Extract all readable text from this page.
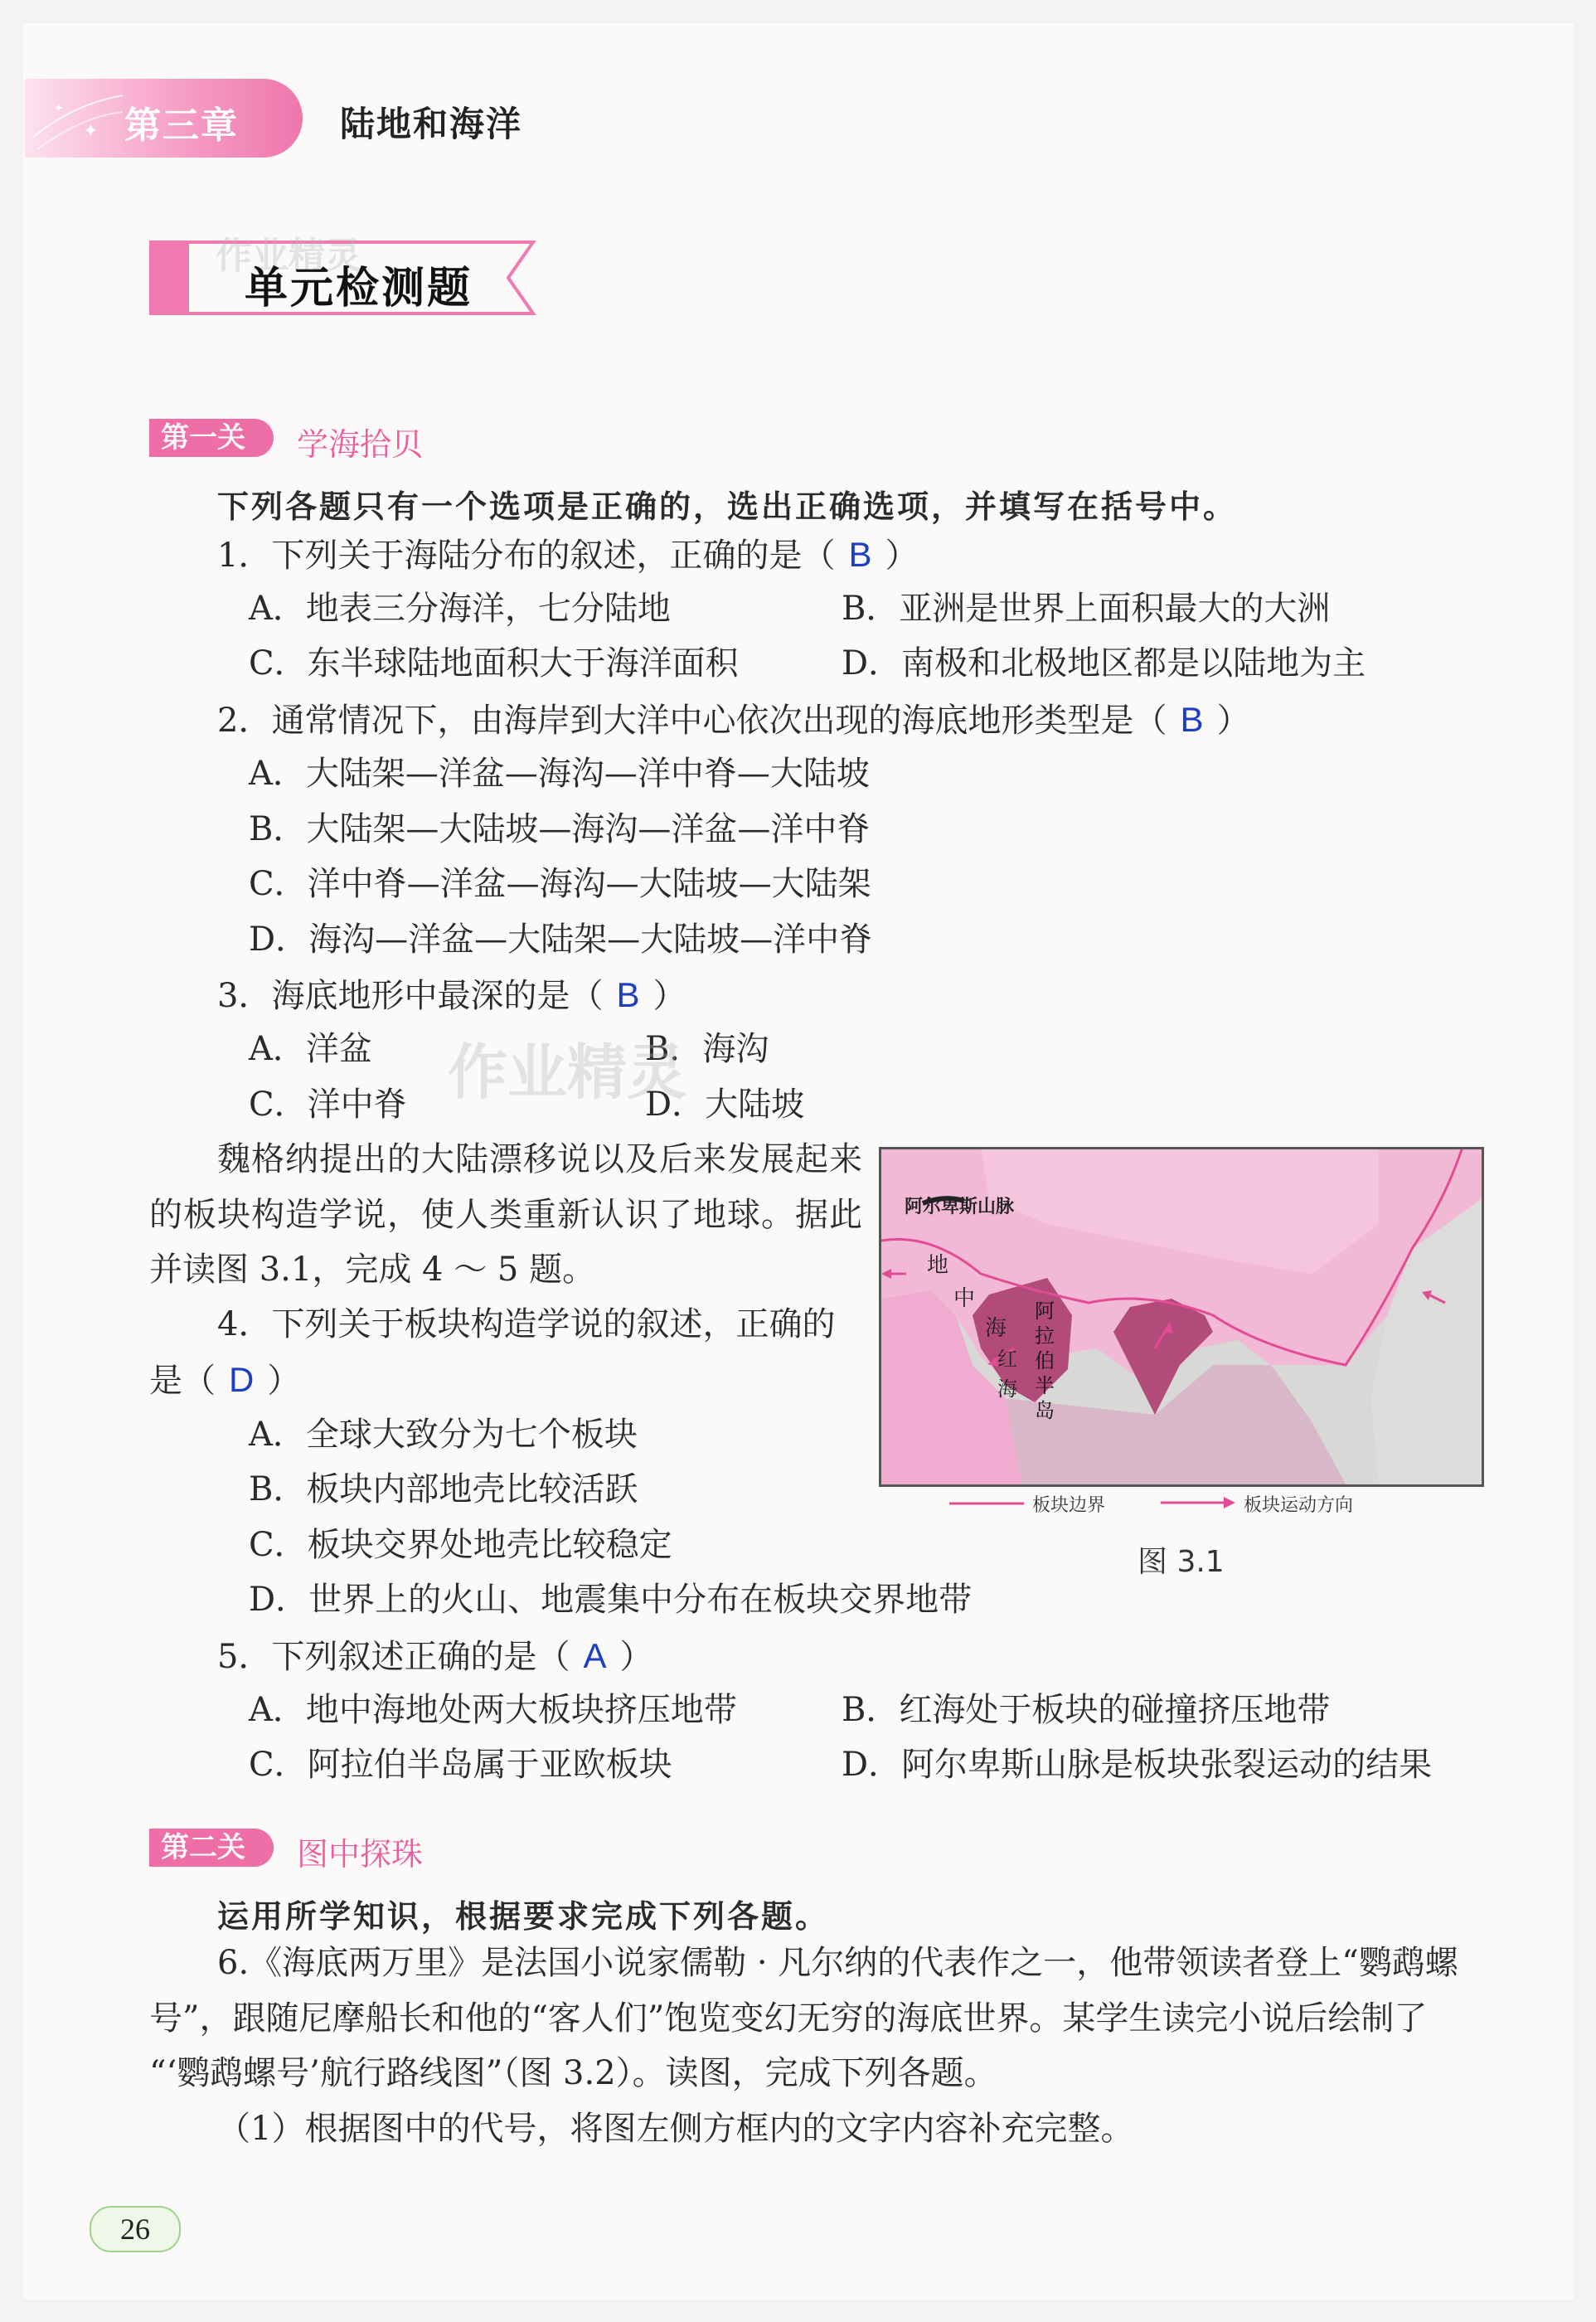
✦
✦ 第三章	陆地和海洋
作业精灵
单元检测题
第一关	学海拾贝
下列各题只有一个选项是正确的，选出正确选项，并填写在括号中。
1．下列关于海陆分布的叙述，正确的是（ B ）
A．地表三分海洋，七分陆地	B．亚洲是世界上面积最大的大洲
C．东半球陆地面积大于海洋面积	D．南极和北极地区都是以陆地为主
2．通常情况下，由海岸到大洋中心依次出现的海底地形类型是（ B ）
A．大陆架—洋盆—海沟—洋中脊—大陆坡
B．大陆架—大陆坡—海沟—洋盆—洋中脊
C．洋中脊—洋盆—海沟—大陆坡—大陆架
D．海沟—洋盆—大陆架—大陆坡—洋中脊
3．海底地形中最深的是（ B ）
A．洋盆	B．海沟
C．洋中脊	D．大陆坡
作业精灵
魏格纳提出的大陆漂移说以及后来发展起来
的板块构造学说，使人类重新认识了地球。据此
并读图 3.1，完成 4 ～ 5 题。
4．下列关于板块构造学说的叙述，正确的
是（ D ）
A．全球大致分为七个板块
B．板块内部地壳比较活跃
C．板块交界处地壳比较稳定
D．世界上的火山、地震集中分布在板块交界地带
5．下列叙述正确的是（ A ）
A．地中海地处两大板块挤压地带	B．红海处于板块的碰撞挤压地带
C．阿拉伯半岛属于亚欧板块	D．阿尔卑斯山脉是板块张裂运动的结果
阿尔卑斯山脉
地
中
海
红
海
阿
拉
伯
半
岛
板块边界	板块运动方向
图 3.1
第二关	图中探珠
运用所学知识，根据要求完成下列各题。
6.《海底两万里》是法国小说家儒勒 · 凡尔纳的代表作之一，他带领读者登上“鹦鹉螺
号”，跟随尼摩船长和他的“客人们”饱览变幻无穷的海底世界。某学生读完小说后绘制了
“‘鹦鹉螺号’航行路线图”（图 3.2）。读图，完成下列各题。
（1）根据图中的代号，将图左侧方框内的文字内容补充完整。
26
